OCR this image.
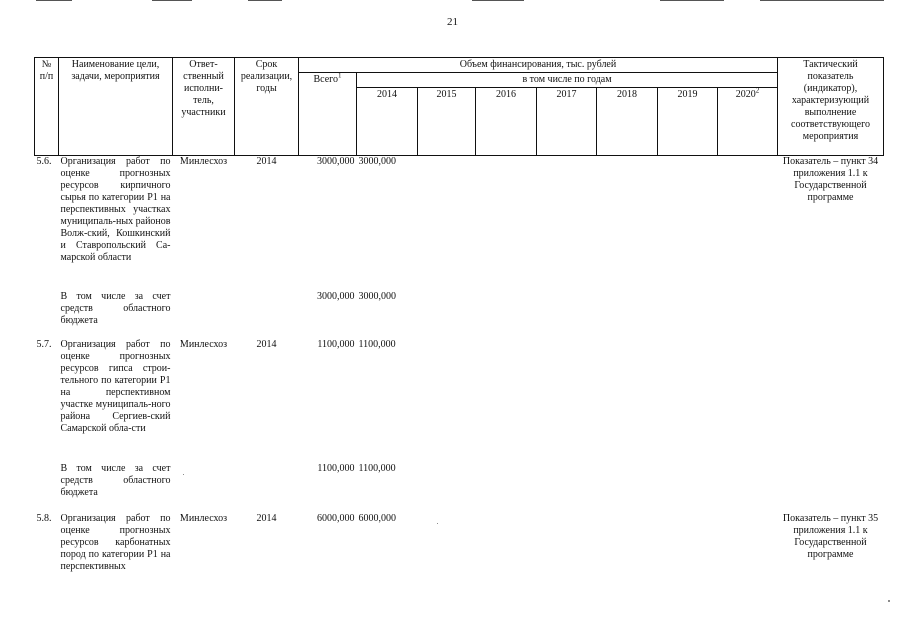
21
№ п/п	Наименование цели, задачи, мероприятия	Ответ-ственный исполни-тель, участники	Срок реализации, годы	Объем финансирования, тыс. рублей								Тактический показатель (индикатор), характеризующий выполнение соответствующего мероприятия
				Всего$^1$	в том числе по годам							
					2014	2015	2016	2017	2018	2019	2020$^2$
5.6.	Организация работ по оценке прогнозных ресурсов кирпичного сырья по категории Р1 на перспективных участках муниципаль-ных районов Волж-ский, Кошкинский и Ставропольский Са-марской области	Минлесхоз	2014	3000,000	3000,000							Показатель – пункт 34 приложения 1.1 к Государственной программе
	В том числе за счет средств областного бюджета			3000,000	3000,000							
5.7.	Организация работ по оценке прогнозных ресурсов гипса строи-тельного по категории Р1 на перспективном участке муниципаль-ного района Сергиев-ский Самарской обла-сти	Минлесхоз	2014	1100,000	1100,000							
	В том числе за счет средств областного бюджета			1100,000	1100,000							
5.8.	Организация работ по оценке прогнозных ресурсов карбонатных пород по категории Р1 на перспективных	Минлесхоз	2014	6000,000	6000,000							Показатель – пункт 35 приложения 1.1 к Государственной программе
